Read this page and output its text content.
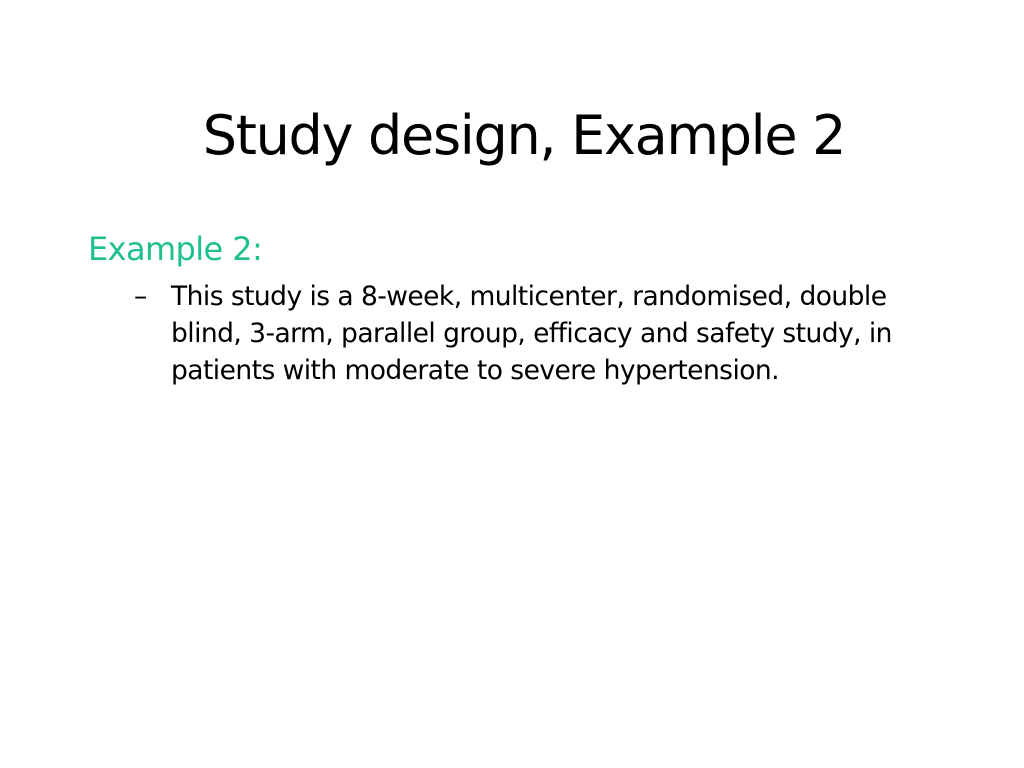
Study design, Example 2
Example 2:
– This study is a 8-week, multicenter, randomised, double blind, 3-arm, parallel group, efficacy and safety study, in patients with moderate to severe hypertension.
